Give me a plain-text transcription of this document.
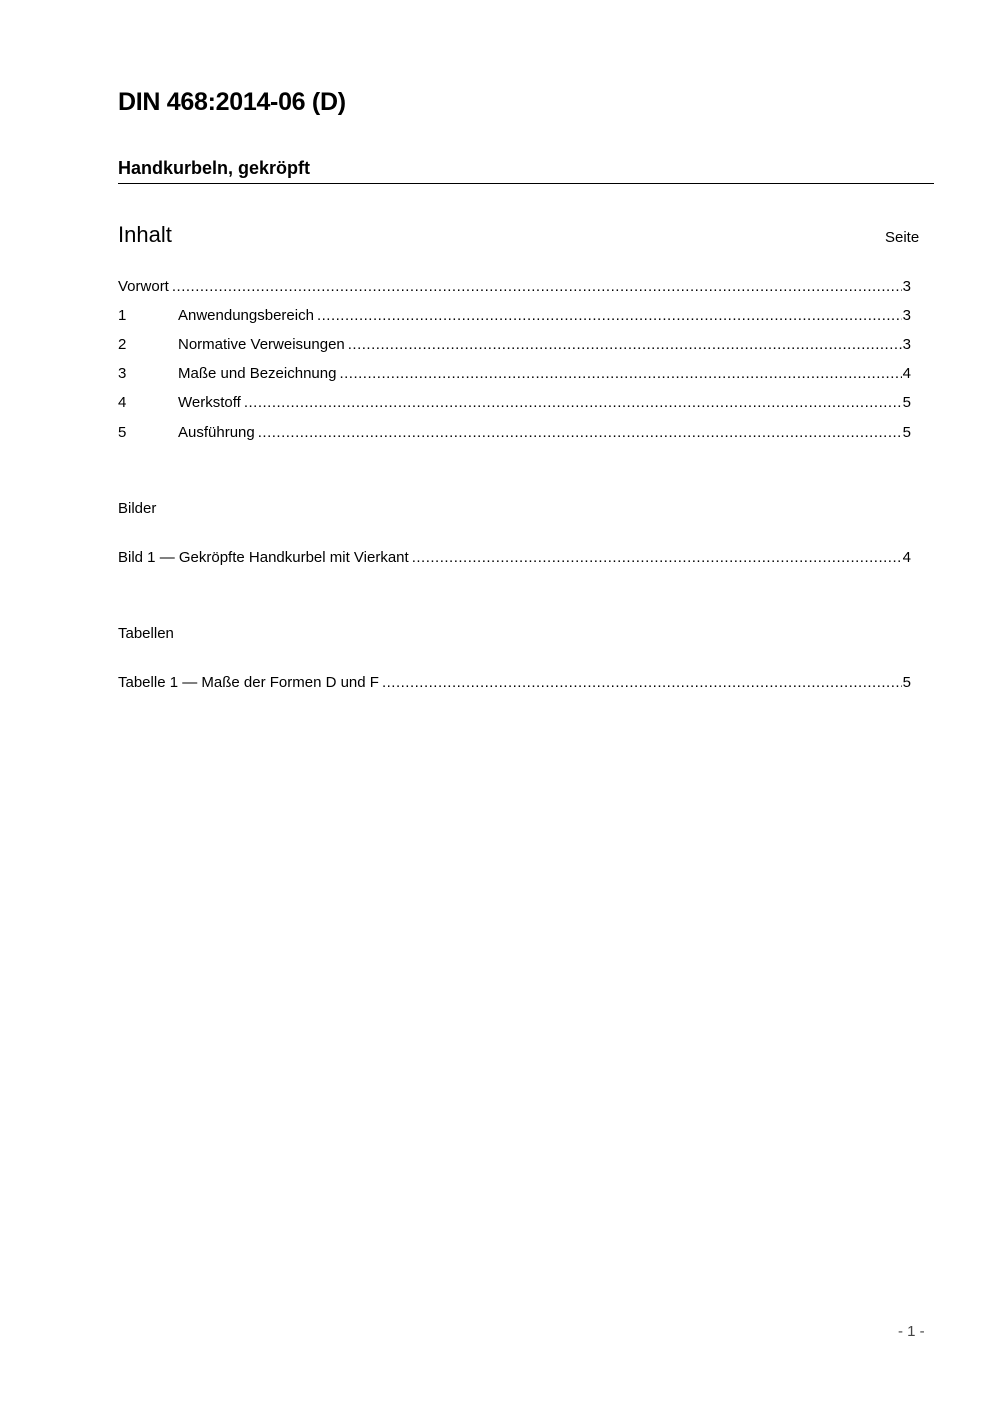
DIN 468:2014-06 (D)
Handkurbeln, gekröpft
Inhalt	Seite
Vorwort .....	3
1	Anwendungsbereich .....	3
2	Normative Verweisungen .....	3
3	Maße und Bezeichnung .....	4
4	Werkstoff .....	5
5	Ausführung .....	5
Bilder
Bild 1 — Gekröpfte Handkurbel mit Vierkant .....	4
Tabellen
Tabelle 1 — Maße der Formen D und F .....	5
- 1 -
